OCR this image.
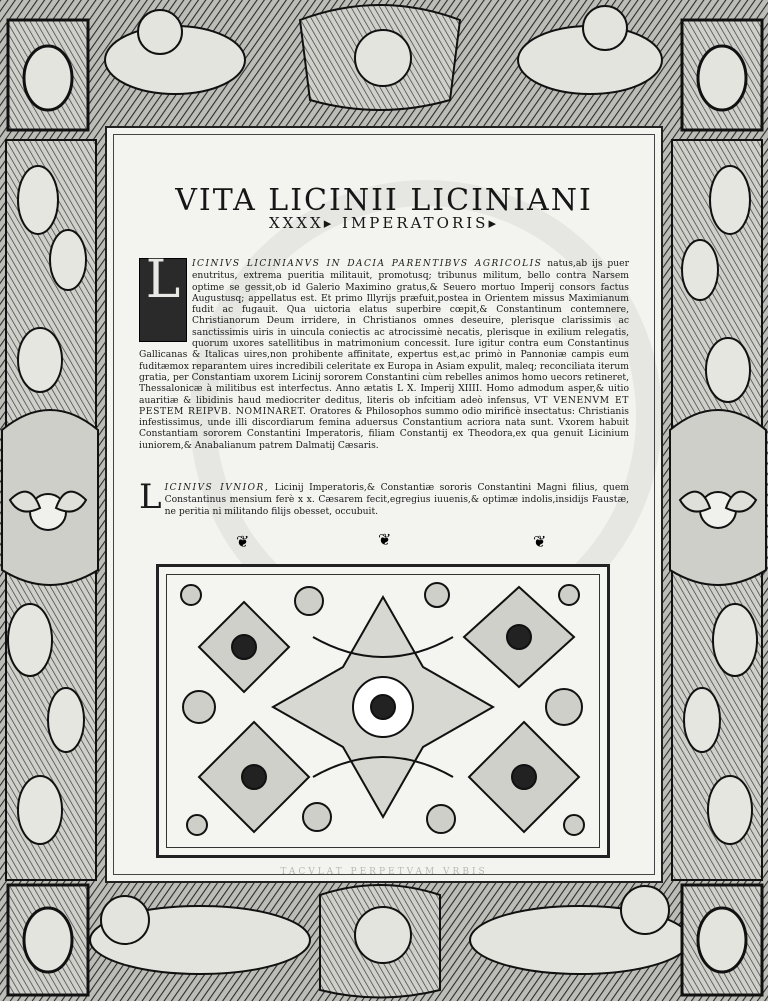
VITA LICINII LICINIANI
XXXX▸ IMPERATORIS▸
L	ICINIVS LICINIANVS IN DACIA PARENTIBVS AGRICOLIS natus,ab ijs puer enutritus, extrema pueritia militauit, promotusq; tribunus militum, bello contra Narsem optime se gessit,ob id Galerio Maximino gratus,& Seuero mortuo Imperij consors factus Augustusq; appellatus est. Et primo Illyrijs præfuit,postea in Orientem missus Maximianum fudit ac fugauit. Qua uictoria elatus superbire cœpit,& Constantinum contemnere, Christianorum Deum irridere, in Christianos omnes deseuire, plerisque clarissimis ac sanctissimis uiris in uincula coniectis ac atrocissimè necatis, plerisque in exilium relegatis, quorum uxores satellitibus in matrimonium concessit. Iure igitur contra eum Constantinus Gallicanas & Italicas uires,non prohibente affinitate, expertus est,ac primò in Pannoniæ campis eum fuditæmox reparantem uires incredibili celeritate ex Europa in Asiam expulit, maleq; reconciliata iterum gratia, per Constantiam uxorem Licinij sororem Constantini cùm rebelles animos homo uecors retineret, Thessalonicæ à militibus est interfectus. Anno ætatis L X. Imperij XIIII. Homo admodum asper,& uitio auaritiæ & libidinis haud mediocriter deditus, literis ob infcitiam adeò infensus, VT VENENVM ET PESTEM REIPVB. NOMINARET. Oratores & Philosophos summo odio mirificè insectatus: Christianis infestissimus, unde illi discordiarum femina aduersus Constantium acriora nata sunt. Vxorem habuit Constantiam sororem Constantini Imperatoris, filiam Constantij ex Theodora,ex qua genuit Licinium iuniorem,& Anabalianum patrem Dalmatij Cæsaris.
L ICINIVS IVNIOR, Licinij Imperatoris,& Constantiæ sororis Constantini Magni filius, quem Constantinus mensium ferè x x. Cæsarem fecit,egregius iuuenis,& optimæ indolis,insidijs Faustæ, ne peritia ni militando filijs obesset, occubuit.
❦	❦	❦
TACVLAT PERPETVAM VRBIS
